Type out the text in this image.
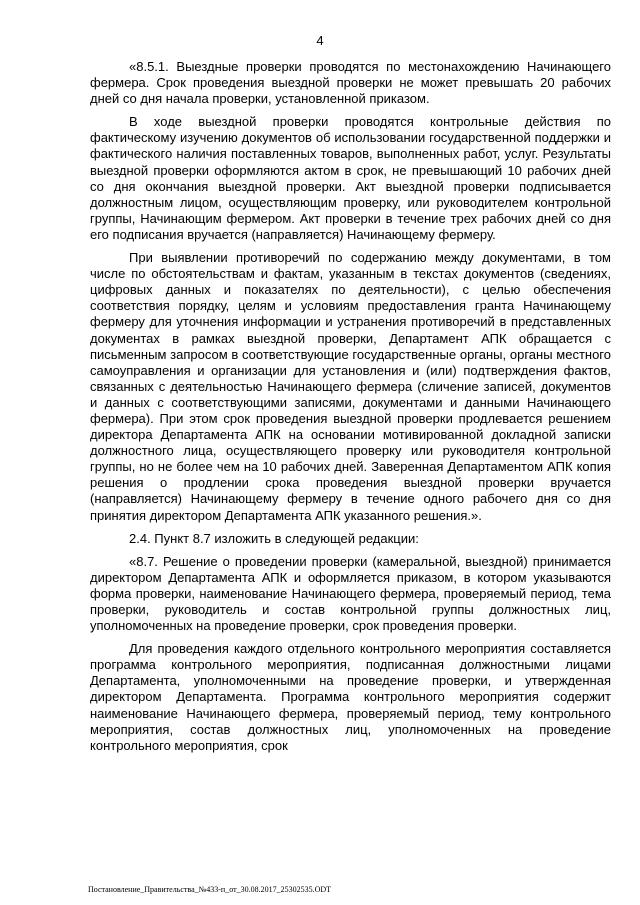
4

«8.5.1. Выездные проверки проводятся по местонахождению Начинающего фермера. Срок проведения выездной проверки не может превышать 20 рабочих дней со дня начала проверки, установленной приказом.

В ходе выездной проверки проводятся контрольные действия по фактическому изучению документов об использовании государственной поддержки и фактического наличия поставленных товаров, выполненных работ, услуг. Результаты выездной проверки оформляются актом в срок, не превышающий 10 рабочих дней со дня окончания выездной проверки. Акт выездной проверки подписывается должностным лицом, осуществляющим проверку, или руководителем контрольной группы, Начинающим фермером. Акт проверки в течение трех рабочих дней со дня его подписания вручается (направляется) Начинающему фермеру.

При выявлении противоречий по содержанию между документами, в том числе по обстоятельствам и фактам, указанным в текстах документов (сведениях, цифровых данных и показателях по деятельности), с целью обеспечения соответствия порядку, целям и условиям предоставления гранта Начинающему фермеру для уточнения информации и устранения противоречий в представленных документах в рамках выездной проверки, Департамент АПК обращается с письменным запросом в соответствующие государственные органы, органы местного самоуправления и организации для установления и (или) подтверждения фактов, связанных с деятельностью Начинающего фермера (сличение записей, документов и данных с соответствующими записями, документами и данными Начинающего фермера). При этом срок проведения выездной проверки продлевается решением директора Департамента АПК на основании мотивированной докладной записки должностного лица, осуществляющего проверку или руководителя контрольной группы, но не более чем на 10 рабочих дней. Заверенная Департаментом АПК копия решения о продлении срока проведения выездной проверки вручается (направляется) Начинающему фермеру в течение одного рабочего дня со дня принятия директором Департамента АПК указанного решения.».

2.4. Пункт 8.7 изложить в следующей редакции:

«8.7. Решение о проведении проверки (камеральной, выездной) принимается директором Департамента АПК и оформляется приказом, в котором указываются форма проверки, наименование Начинающего фермера, проверяемый период, тема проверки, руководитель и состав контрольной группы должностных лиц, уполномоченных на проведение проверки, срок проведения проверки.

Для проведения каждого отдельного контрольного мероприятия составляется программа контрольного мероприятия, подписанная должностными лицами Департамента, уполномоченными на проведение проверки, и утвержденная директором Департамента. Программа контрольного мероприятия содержит наименование Начинающего фермера, проверяемый период, тему контрольного мероприятия, состав должностных лиц, уполномоченных на проведение контрольного мероприятия, срок

Постановление_Правительства_№433-п_от_30.08.2017_25302535.ODT
